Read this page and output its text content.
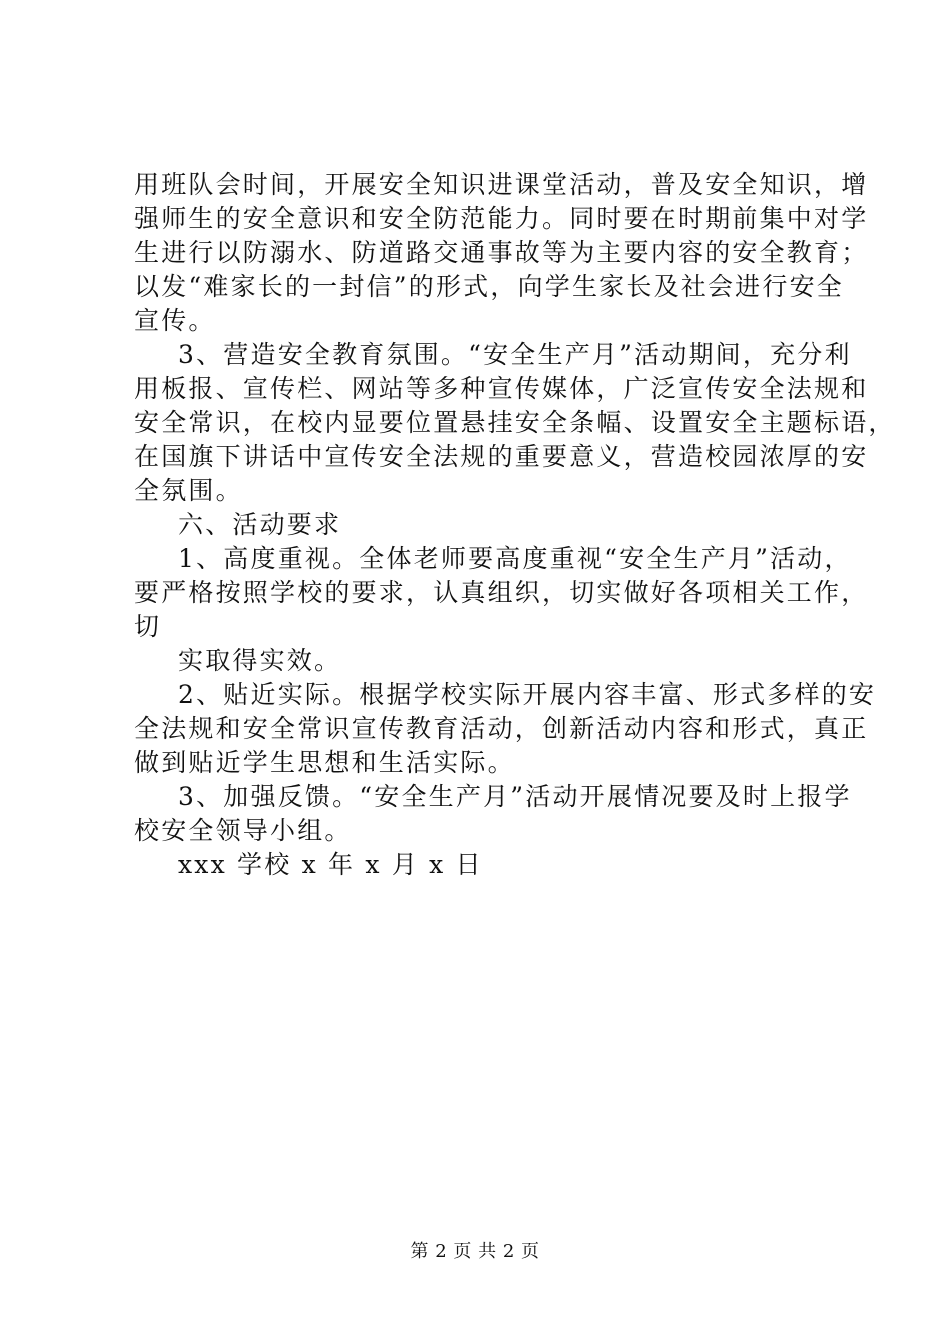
用班队会时间，开展安全知识进课堂活动，普及安全知识，增
强师生的安全意识和安全防范能力。同时要在时期前集中对学
生进行以防溺水、防道路交通事故等为主要内容的安全教育；
以发“难家长的一封信”的形式，向学生家长及社会进行安全
宣传。
3、营造安全教育氛围。“安全生产月”活动期间，充分利
用板报、宣传栏、网站等多种宣传媒体，广泛宣传安全法规和
安全常识，在校内显要位置悬挂安全条幅、设置安全主题标语，
在国旗下讲话中宣传安全法规的重要意义，营造校园浓厚的安
全氛围。
六、活动要求
1、高度重视。全体老师要高度重视“安全生产月”活动，
要严格按照学校的要求，认真组织，切实做好各项相关工作，
切
实取得实效。
2、贴近实际。根据学校实际开展内容丰富、形式多样的安
全法规和安全常识宣传教育活动，创新活动内容和形式，真正
做到贴近学生思想和生活实际。
3、加强反馈。“安全生产月”活动开展情况要及时上报学
校安全领导小组。
xxx 学校 x 年 x 月 x 日
第 2 页 共 2 页
